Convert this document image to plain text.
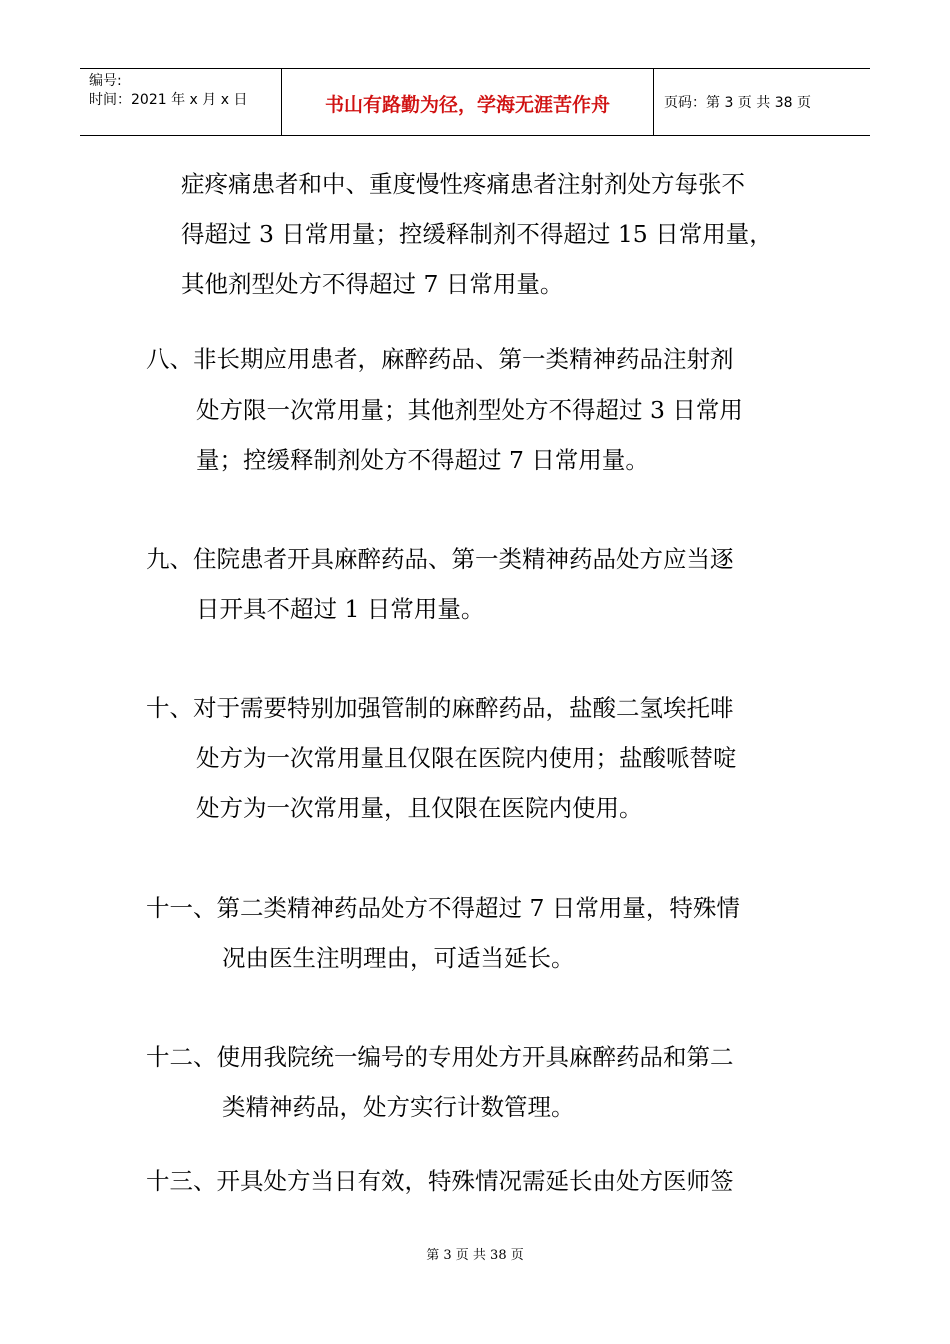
编号:
时间：2021 年 x 月 x 日	书山有路勤为径，学海无涯苦作舟	页码：第 3 页 共 38 页
症疼痛患者和中、重度慢性疼痛患者注射剂处方每张不
得超过 3 日常用量；控缓释制剂不得超过 15 日常用量，
其他剂型处方不得超过 7 日常用量。
八、非长期应用患者，麻醉药品、第一类精神药品注射剂
处方限一次常用量；其他剂型处方不得超过 3 日常用
量；控缓释制剂处方不得超过 7 日常用量。
九、住院患者开具麻醉药品、第一类精神药品处方应当逐
日开具不超过 1 日常用量。
十、对于需要特别加强管制的麻醉药品，盐酸二氢埃托啡
处方为一次常用量且仅限在医院内使用；盐酸哌替啶
处方为一次常用量，且仅限在医院内使用。
十一、第二类精神药品处方不得超过 7 日常用量，特殊情
况由医生注明理由，可适当延长。
十二、使用我院统一编号的专用处方开具麻醉药品和第二
类精神药品，处方实行计数管理。
十三、开具处方当日有效，特殊情况需延长由处方医师签
第 3 页 共 38 页
